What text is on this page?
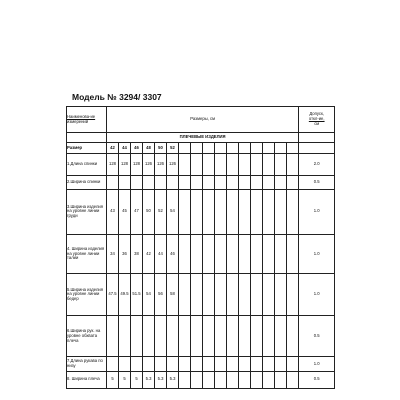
Модель № 3294/ 3307
Наименова-ие
измерений	Размеры, см																Допуск,
откл-ие,
см
	ПЛЕЧЕВЫЕ ИЗДЕЛИЯ																
Размер	42	44	46	48	50	52											
1.Длина спинки	128	128	128	126	126	126											2.0
2.Ширина спинки																	0.5
3.Ширина изделия на уровне линии груди	43	45	47	50	52	54											1.0
4. Ширина изделия на уровне линии талии	34	36	38	42	44	46											1.0
5.Ширина изделия на уровне линии бедер	47.5	49.5	51.5	54	56	58											1.0
6.Ширина рук. на уровне обхвата плеча																	0.5
7.Длина рукава по низу																	1.0
8. Ширина плеча	5	5	5	5.3	5.3	5.3											0.5
